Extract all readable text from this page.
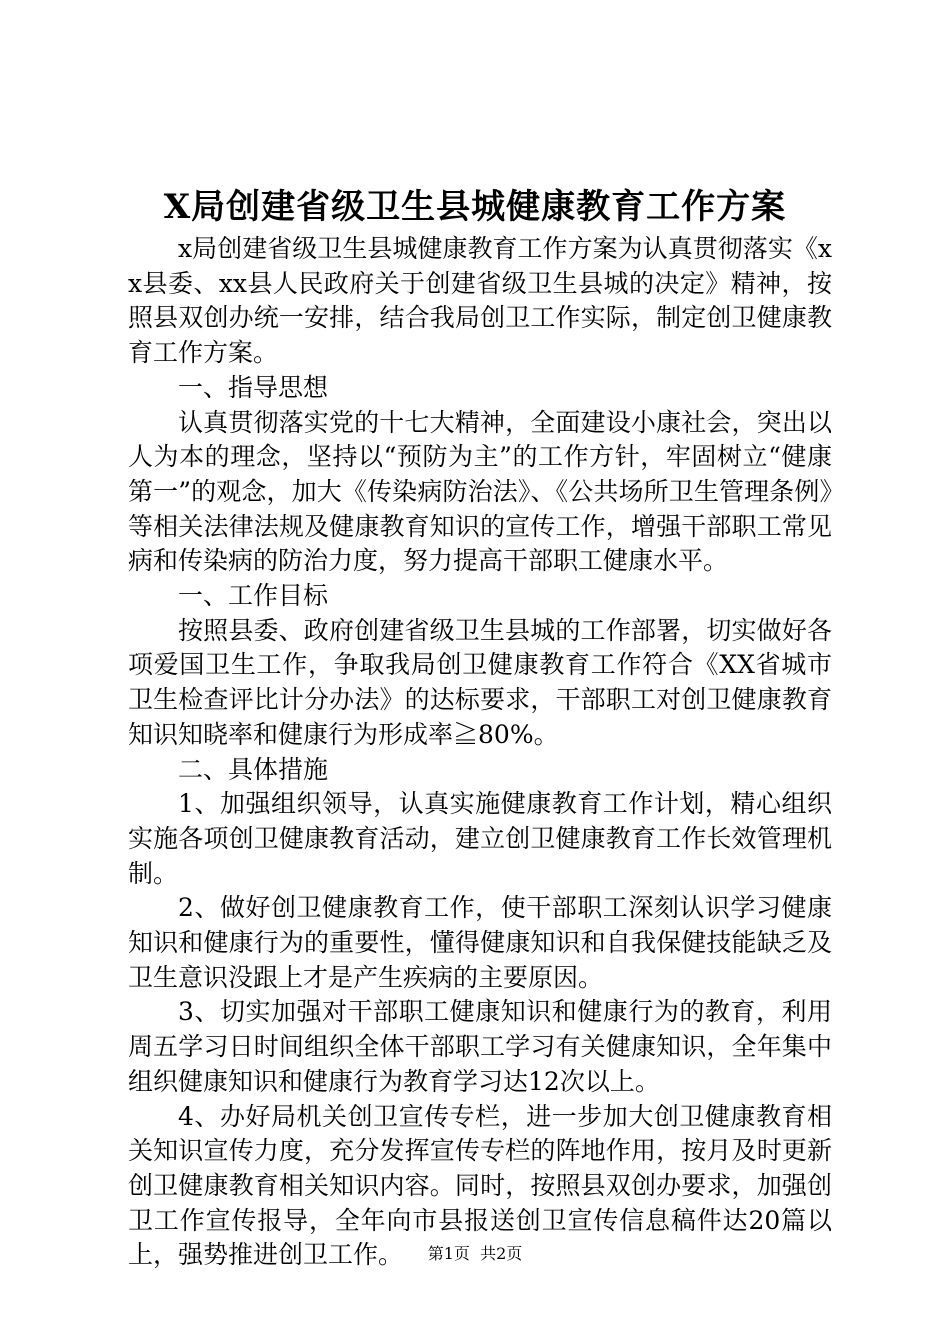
X局创建省级卫生县城健康教育工作方案

x局创建省级卫生县城健康教育工作方案为认真贯彻落实《xx县委、xx县人民政府关于创建省级卫生县城的决定》精神，按照县双创办统一安排，结合我局创卫工作实际，制定创卫健康教育工作方案。

一、指导思想

认真贯彻落实党的十七大精神，全面建设小康社会，突出以人为本的理念，坚持以“预防为主”的工作方针，牢固树立“健康第一”的观念，加大《传染病防治法》、《公共场所卫生管理条例》等相关法律法规及健康教育知识的宣传工作，增强干部职工常见病和传染病的防治力度，努力提高干部职工健康水平。

一、工作目标

按照县委、政府创建省级卫生县城的工作部署，切实做好各项爱国卫生工作，争取我局创卫健康教育工作符合《XX省城市卫生检查评比计分办法》的达标要求，干部职工对创卫健康教育知识知晓率和健康行为形成率≧80%。

二、具体措施

1、加强组织领导，认真实施健康教育工作计划，精心组织实施各项创卫健康教育活动，建立创卫健康教育工作长效管理机制。

2、做好创卫健康教育工作，使干部职工深刻认识学习健康知识和健康行为的重要性，懂得健康知识和自我保健技能缺乏及卫生意识没跟上才是产生疾病的主要原因。

3、切实加强对干部职工健康知识和健康行为的教育，利用周五学习日时间组织全体干部职工学习有关健康知识，全年集中组织健康知识和健康行为教育学习达12次以上。

4、办好局机关创卫宣传专栏，进一步加大创卫健康教育相关知识宣传力度，充分发挥宣传专栏的阵地作用，按月及时更新创卫健康教育相关知识内容。同时，按照县双创办要求，加强创卫工作宣传报导，全年向市县报送创卫宣传信息稿件达20篇以上，强势推进创卫工作。	第1页 共2页
